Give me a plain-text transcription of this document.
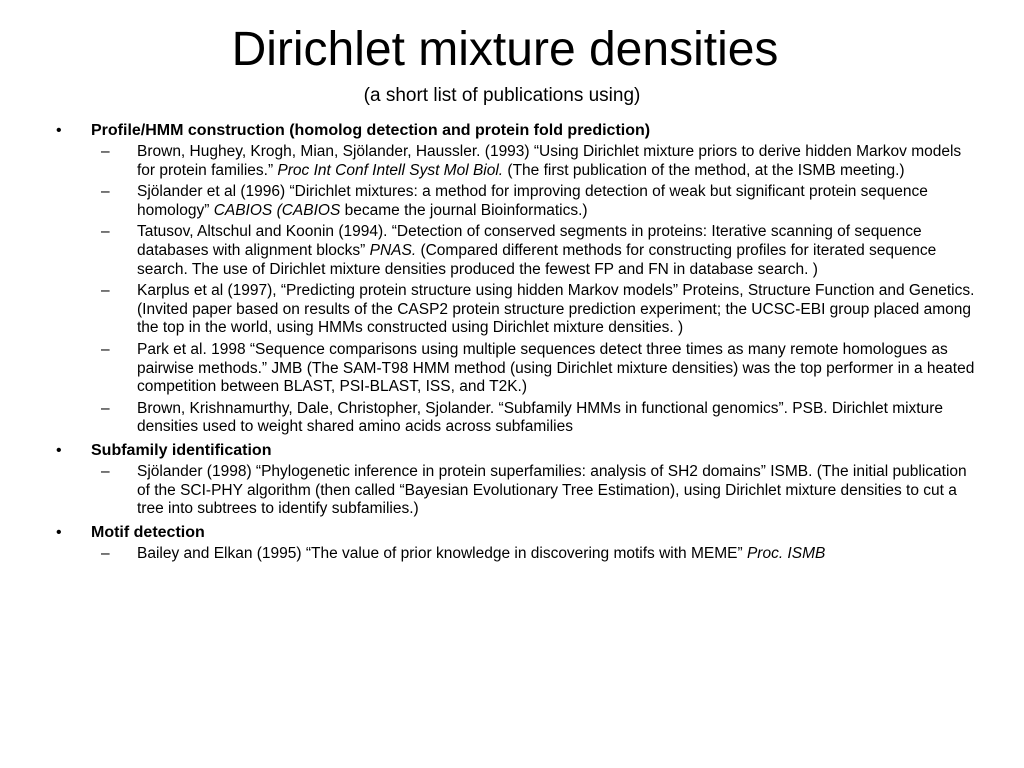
Dirichlet mixture densities
(a short list of publications using)
• Profile/HMM construction (homolog detection and protein fold prediction)
– Brown, Hughey, Krogh, Mian, Sjölander, Haussler. (1993) “Using Dirichlet mixture priors to derive hidden Markov models for protein families.” Proc Int Conf Intell Syst Mol Biol. (The first publication of the method, at the ISMB meeting.)
– Sjölander et al (1996) “Dirichlet mixtures: a method for improving detection of weak but significant protein sequence homology” CABIOS (CABIOS became the journal Bioinformatics.)
– Tatusov, Altschul and Koonin (1994). “Detection of conserved segments in proteins: Iterative scanning of sequence databases with alignment blocks” PNAS. (Compared different methods for constructing profiles for iterated sequence search. The use of Dirichlet mixture densities produced the fewest FP and FN in database search. )
– Karplus et al (1997), “Predicting protein structure using hidden Markov models” Proteins, Structure Function and Genetics. (Invited paper based on results of the CASP2 protein structure prediction experiment; the UCSC-EBI group placed among the top in the world, using HMMs constructed using Dirichlet mixture densities. )
– Park et al. 1998 “Sequence comparisons using multiple sequences detect three times as many remote homologues as pairwise methods.” JMB (The SAM-T98 HMM method (using Dirichlet mixture densities) was the top performer in a heated competition between BLAST, PSI-BLAST, ISS, and T2K.)
– Brown, Krishnamurthy, Dale, Christopher, Sjolander. “Subfamily HMMs in functional genomics”. PSB. Dirichlet mixture densities used to weight shared amino acids across subfamilies
• Subfamily identification
– Sjölander (1998) “Phylogenetic inference in protein superfamilies: analysis of SH2 domains” ISMB. (The initial publication of the SCI-PHY algorithm (then called “Bayesian Evolutionary Tree Estimation), using Dirichlet mixture densities to cut a tree into subtrees to identify subfamilies.)
• Motif detection
– Bailey and Elkan (1995) “The value of prior knowledge in discovering motifs with MEME” Proc. ISMB
